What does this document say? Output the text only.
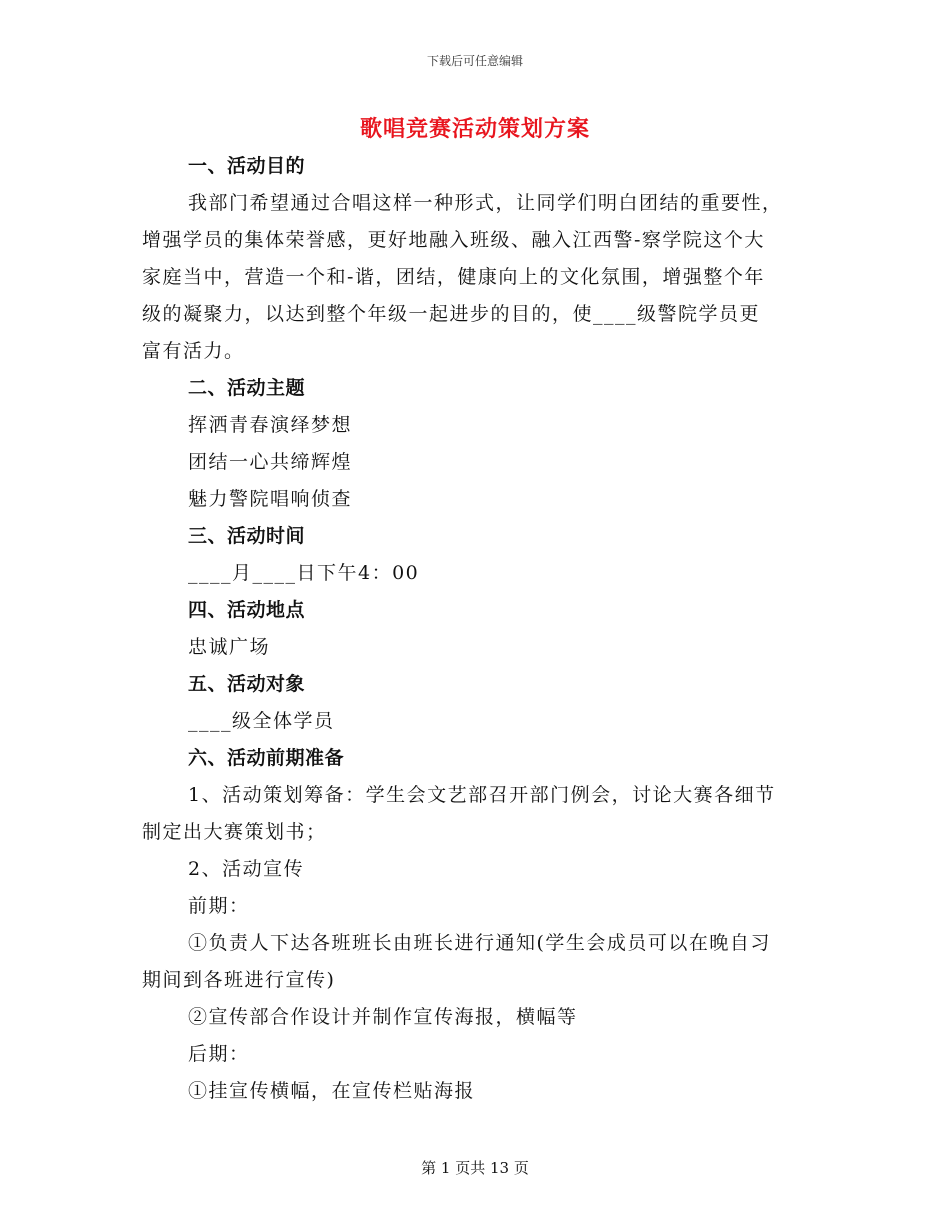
下载后可任意编辑
歌唱竞赛活动策划方案
一、活动目的
我部门希望通过合唱这样一种形式，让同学们明白团结的重要性，
增强学员的集体荣誉感，更好地融入班级、融入江西警-察学院这个大
家庭当中，营造一个和-谐，团结，健康向上的文化氛围，增强整个年
级的凝聚力，以达到整个年级一起进步的目的，使____级警院学员更
富有活力。
二、活动主题
挥洒青春演绎梦想
团结一心共缔辉煌
魅力警院唱响侦查
三、活动时间
____月____日下午4：00
四、活动地点
忠诚广场
五、活动对象
____级全体学员
六、活动前期准备
1、活动策划筹备：学生会文艺部召开部门例会，讨论大赛各细节
制定出大赛策划书；
2、活动宣传
前期：
①负责人下达各班班长由班长进行通知(学生会成员可以在晚自习
期间到各班进行宣传)
②宣传部合作设计并制作宣传海报，横幅等
后期：
①挂宣传横幅，在宣传栏贴海报
第 1 页共 13 页
